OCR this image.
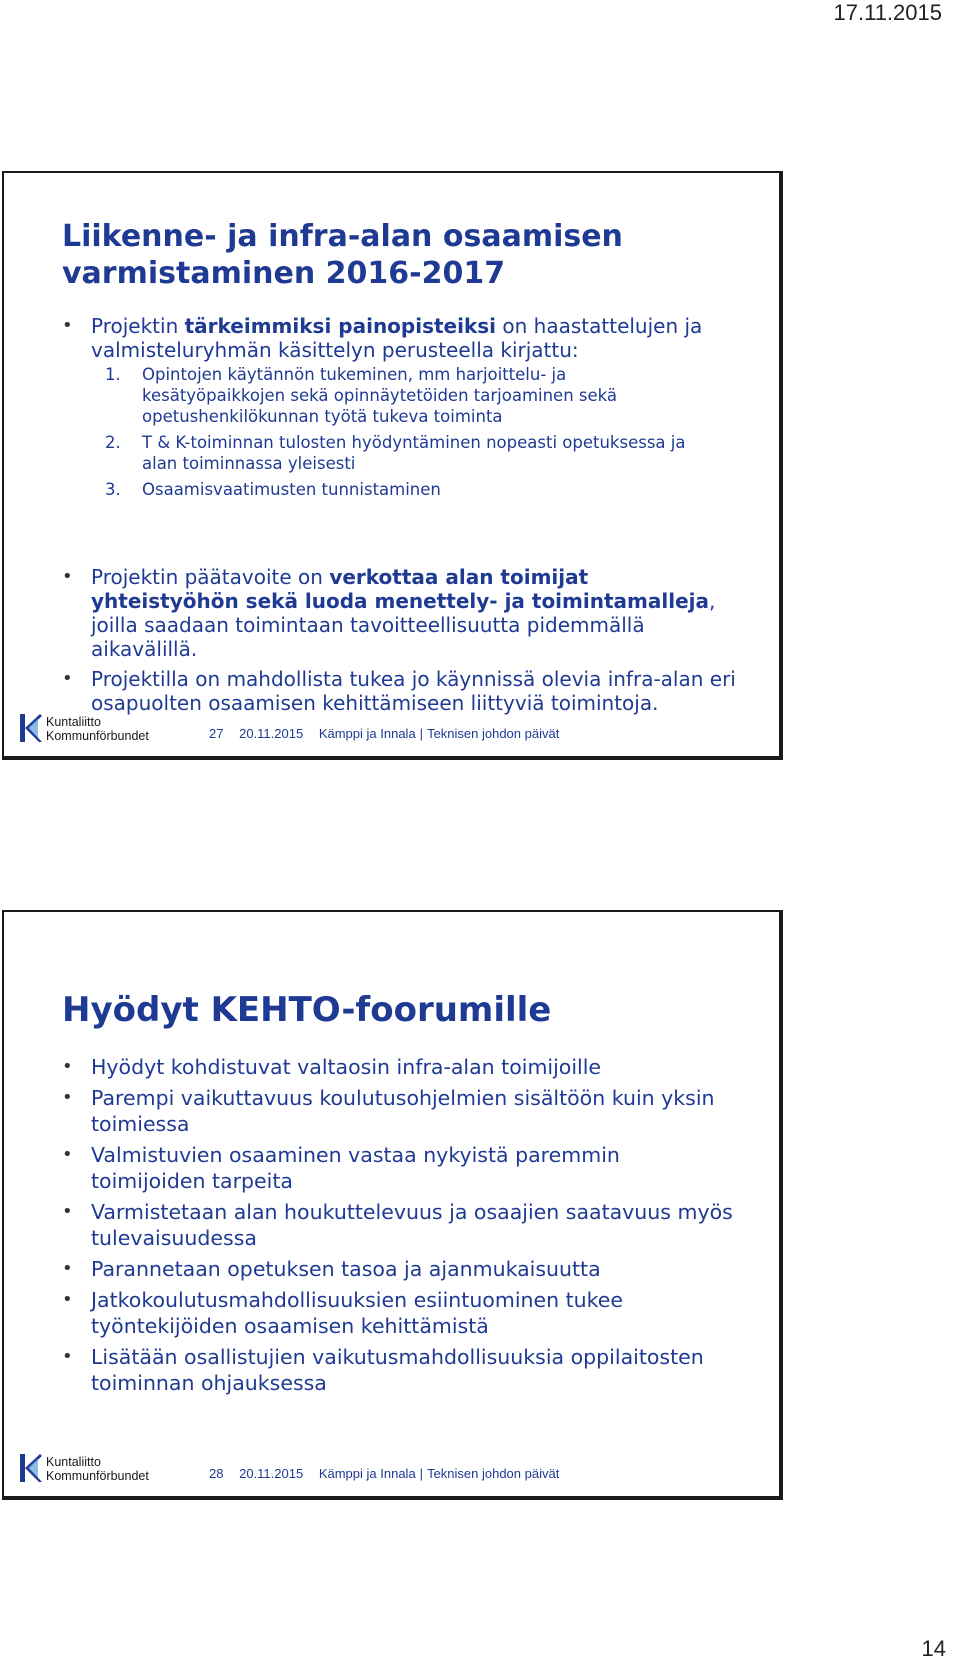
17.11.2015
Liikenne- ja infra-alan osaamisen varmistaminen 2016-2017
• Projektin tärkeimmiksi painopisteiksi on haastattelujen ja valmisteluryhmän käsittelyn perusteella kirjattu:
1. Opintojen käytännön tukeminen, mm harjoittelu- ja kesätyöpaikkojen sekä opinnäytetöiden tarjoaminen sekä opetushenkilökunnan työtä tukeva toiminta
2. T & K-toiminnan tulosten hyödyntäminen nopeasti opetuksessa ja alan toiminnassa yleisesti
3. Osaamisvaatimusten tunnistaminen
• Projektin päätavoite on verkottaa alan toimijat yhteistyöhön sekä luoda menettely- ja toimintamalleja, joilla saadaan toimintaan tavoitteellisuutta pidemmällä aikavälillä.
• Projektilla on mahdollista tukea jo käynnissä olevia infra-alan eri osapuolten osaamisen kehittämiseen liittyviä toimintoja.
Kuntaliitto
Kommunförbundet	27 20.11.2015 Kämppi ja Innala | Teknisen johdon päivät
Hyödyt KEHTO-foorumille
• Hyödyt kohdistuvat valtaosin infra-alan toimijoille
• Parempi vaikuttavuus koulutusohjelmien sisältöön kuin yksin toimiessa
• Valmistuvien osaaminen vastaa nykyistä paremmin toimijoiden tarpeita
• Varmistetaan alan houkuttelevuus ja osaajien saatavuus myös tulevaisuudessa
• Parannetaan opetuksen tasoa ja ajanmukaisuutta
• Jatkokoulutusmahdollisuuksien esiintuominen tukee työntekijöiden osaamisen kehittämistä
• Lisätään osallistujien vaikutusmahdollisuuksia oppilaitosten toiminnan ohjauksessa
Kuntaliitto
Kommunförbundet	28 20.11.2015 Kämppi ja Innala | Teknisen johdon päivät
14
